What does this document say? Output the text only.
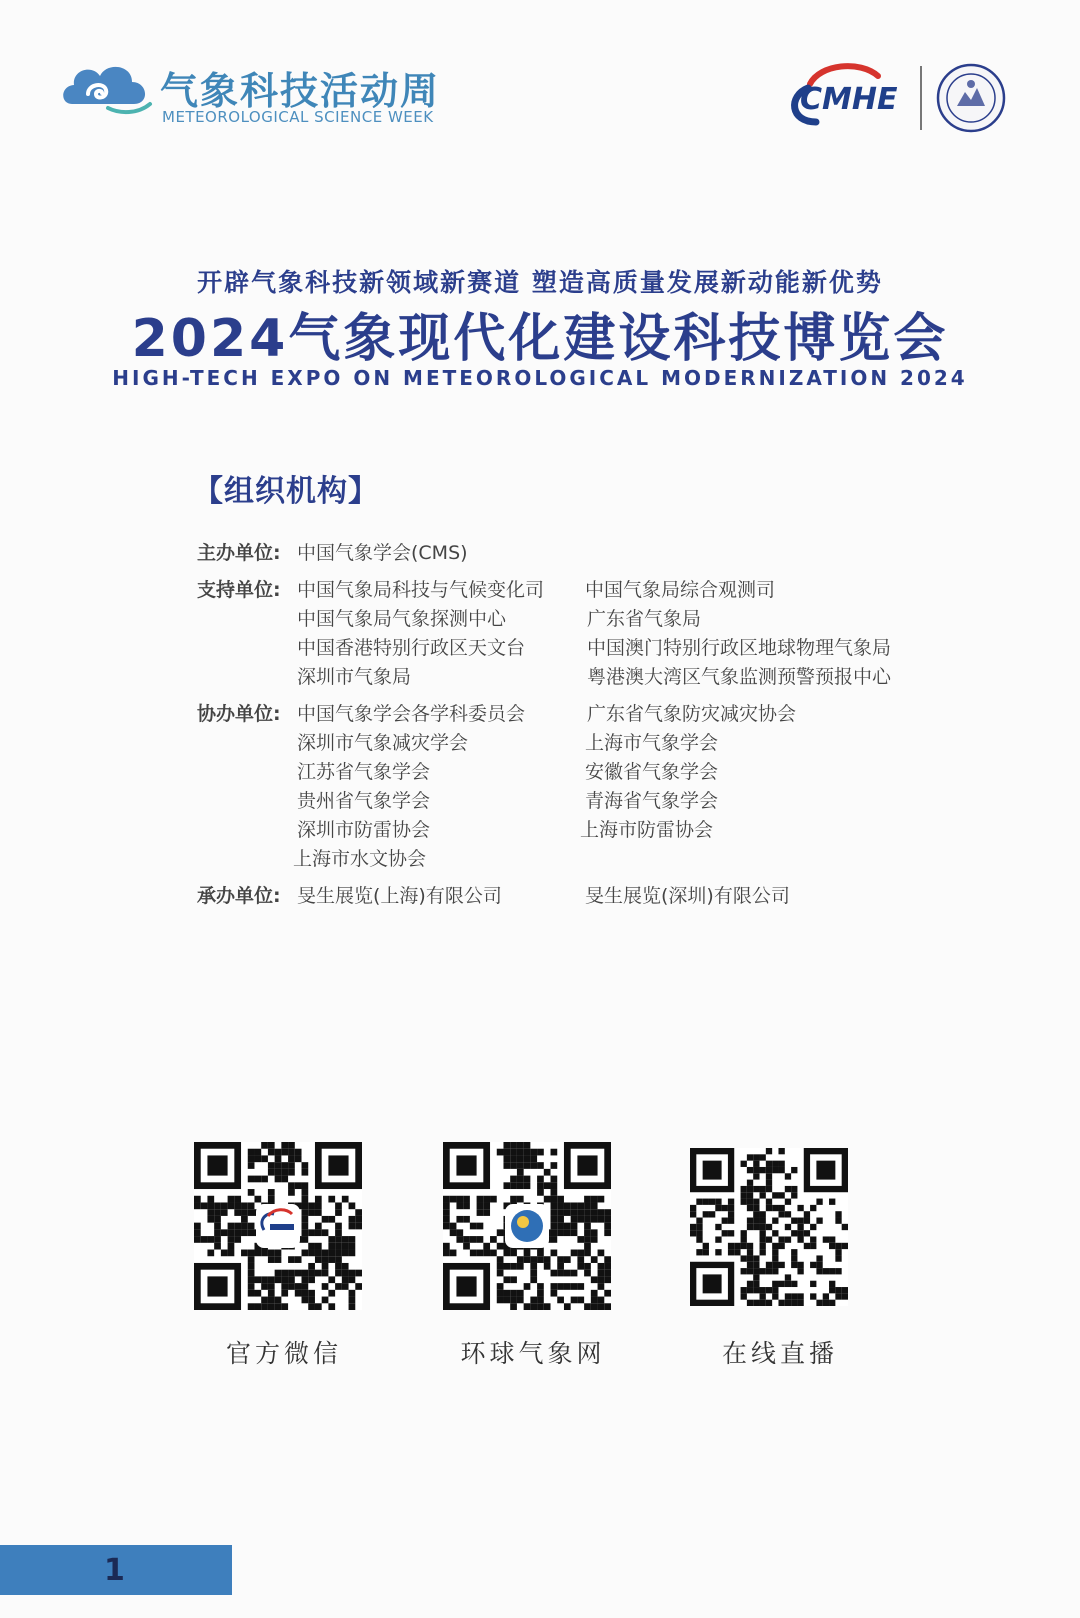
气象科技活动周
METEOROLOGICAL SCIENCE WEEK	CMHE
开辟气象科技新领域新赛道 塑造高质量发展新动能新优势
2024气象现代化建设科技博览会
HIGH-TECH EXPO ON METEOROLOGICAL MODERNIZATION 2024
【组织机构】
主办单位: 中国气象学会(CMS)
支持单位: 中国气象局科技与气候变化司 中国气象局综合观测司
中国气象局气象探测中心	广东省气象局
中国香港特别行政区天文台	中国澳门特别行政区地球物理气象局
深圳市气象局	粤港澳大湾区气象监测预警预报中心
协办单位: 中国气象学会各学科委员会	广东省气象防灾减灾协会
深圳市气象减灾学会	上海市气象学会
江苏省气象学会	安徽省气象学会
贵州省气象学会	青海省气象学会
深圳市防雷协会	上海市防雷协会
上海市水文协会
承办单位: 旻生展览(上海)有限公司	旻生展览(深圳)有限公司
官方微信	环球气象网	在线直播
1
